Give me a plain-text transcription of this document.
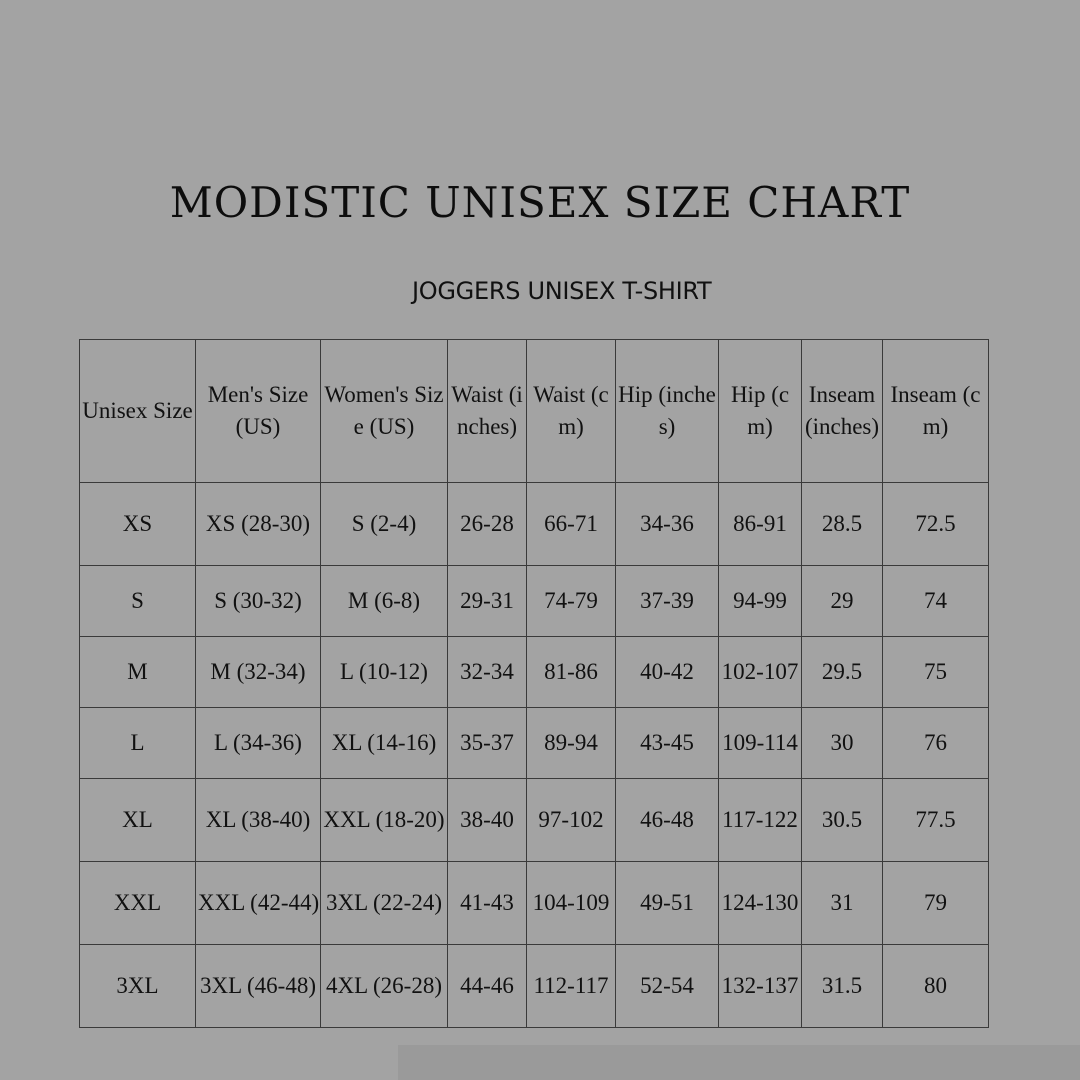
MODISTIC UNISEX SIZE CHART
JOGGERS UNISEX T-SHIRT
Unisex Size	Men's Size (US)	Women's Size (US)	Waist (inches)	Waist (cm)	Hip (inches)	Hip (cm)	Inseam (inches)	Inseam (cm)
XS	XS (28-30)	S (2-4)	26-28	66-71	34-36	86-91	28.5	72.5
S	S (30-32)	M (6-8)	29-31	74-79	37-39	94-99	29	74
M	M (32-34)	L (10-12)	32-34	81-86	40-42	102-107	29.5	75
L	L (34-36)	XL (14-16)	35-37	89-94	43-45	109-114	30	76
XL	XL (38-40)	XXL (18-20)	38-40	97-102	46-48	117-122	30.5	77.5
XXL	XXL (42-44)	3XL (22-24)	41-43	104-109	49-51	124-130	31	79
3XL	3XL (46-48)	4XL (26-28)	44-46	112-117	52-54	132-137	31.5	80
